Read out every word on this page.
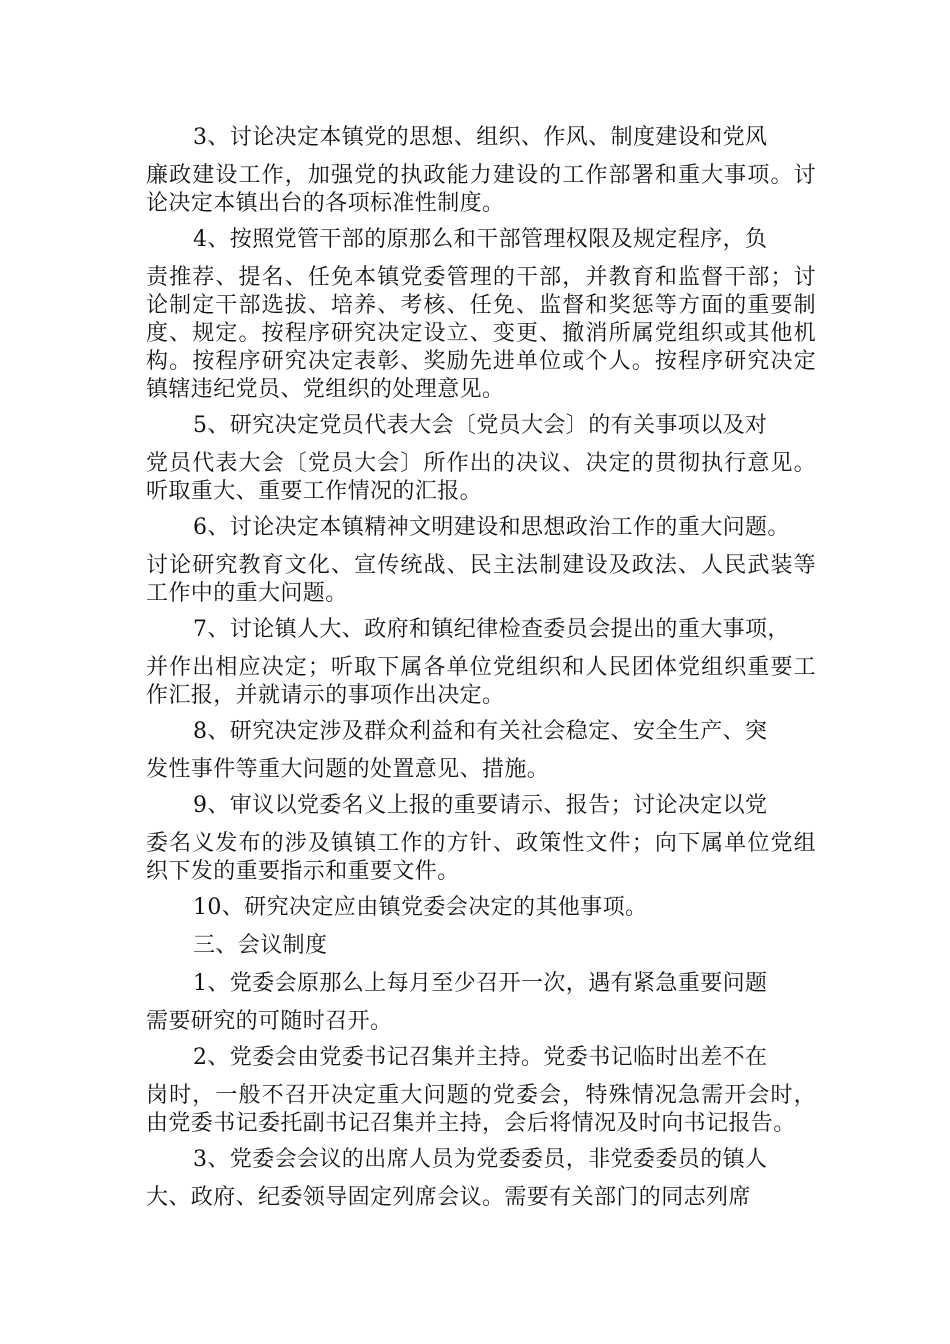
3、讨论决定本镇党的思想、组织、作风、制度建设和党风
廉政建设工作，加强党的执政能力建设的工作部署和重大事项。讨论决定本镇出台的各项标准性制度。

4、按照党管干部的原那么和干部管理权限及规定程序，负
责推荐、提名、任免本镇党委管理的干部，并教育和监督干部；讨论制定干部选拔、培养、考核、任免、监督和奖惩等方面的重要制度、规定。按程序研究决定设立、变更、撤消所属党组织或其他机构。按程序研究决定表彰、奖励先进单位或个人。按程序研究决定镇辖违纪党员、党组织的处理意见。

5、研究决定党员代表大会〔党员大会〕的有关事项以及对
党员代表大会〔党员大会〕所作出的决议、决定的贯彻执行意见。听取重大、重要工作情况的汇报。

6、讨论决定本镇精神文明建设和思想政治工作的重大问题。
讨论研究教育文化、宣传统战、民主法制建设及政法、人民武装等工作中的重大问题。

7、讨论镇人大、政府和镇纪律检查委员会提出的重大事项，
并作出相应决定；听取下属各单位党组织和人民团体党组织重要工作汇报，并就请示的事项作出决定。

8、研究决定涉及群众利益和有关社会稳定、安全生产、突
发性事件等重大问题的处置意见、措施。

9、审议以党委名义上报的重要请示、报告；讨论决定以党
委名义发布的涉及镇镇工作的方针、政策性文件；向下属单位党组织下发的重要指示和重要文件。

10、研究决定应由镇党委会决定的其他事项。

三、会议制度

1、党委会原那么上每月至少召开一次，遇有紧急重要问题
需要研究的可随时召开。

2、党委会由党委书记召集并主持。党委书记临时出差不在
岗时，一般不召开决定重大问题的党委会，特殊情况急需开会时，由党委书记委托副书记召集并主持，会后将情况及时向书记报告。

3、党委会会议的出席人员为党委委员，非党委委员的镇人
大、政府、纪委领导固定列席会议。需要有关部门的同志列席
